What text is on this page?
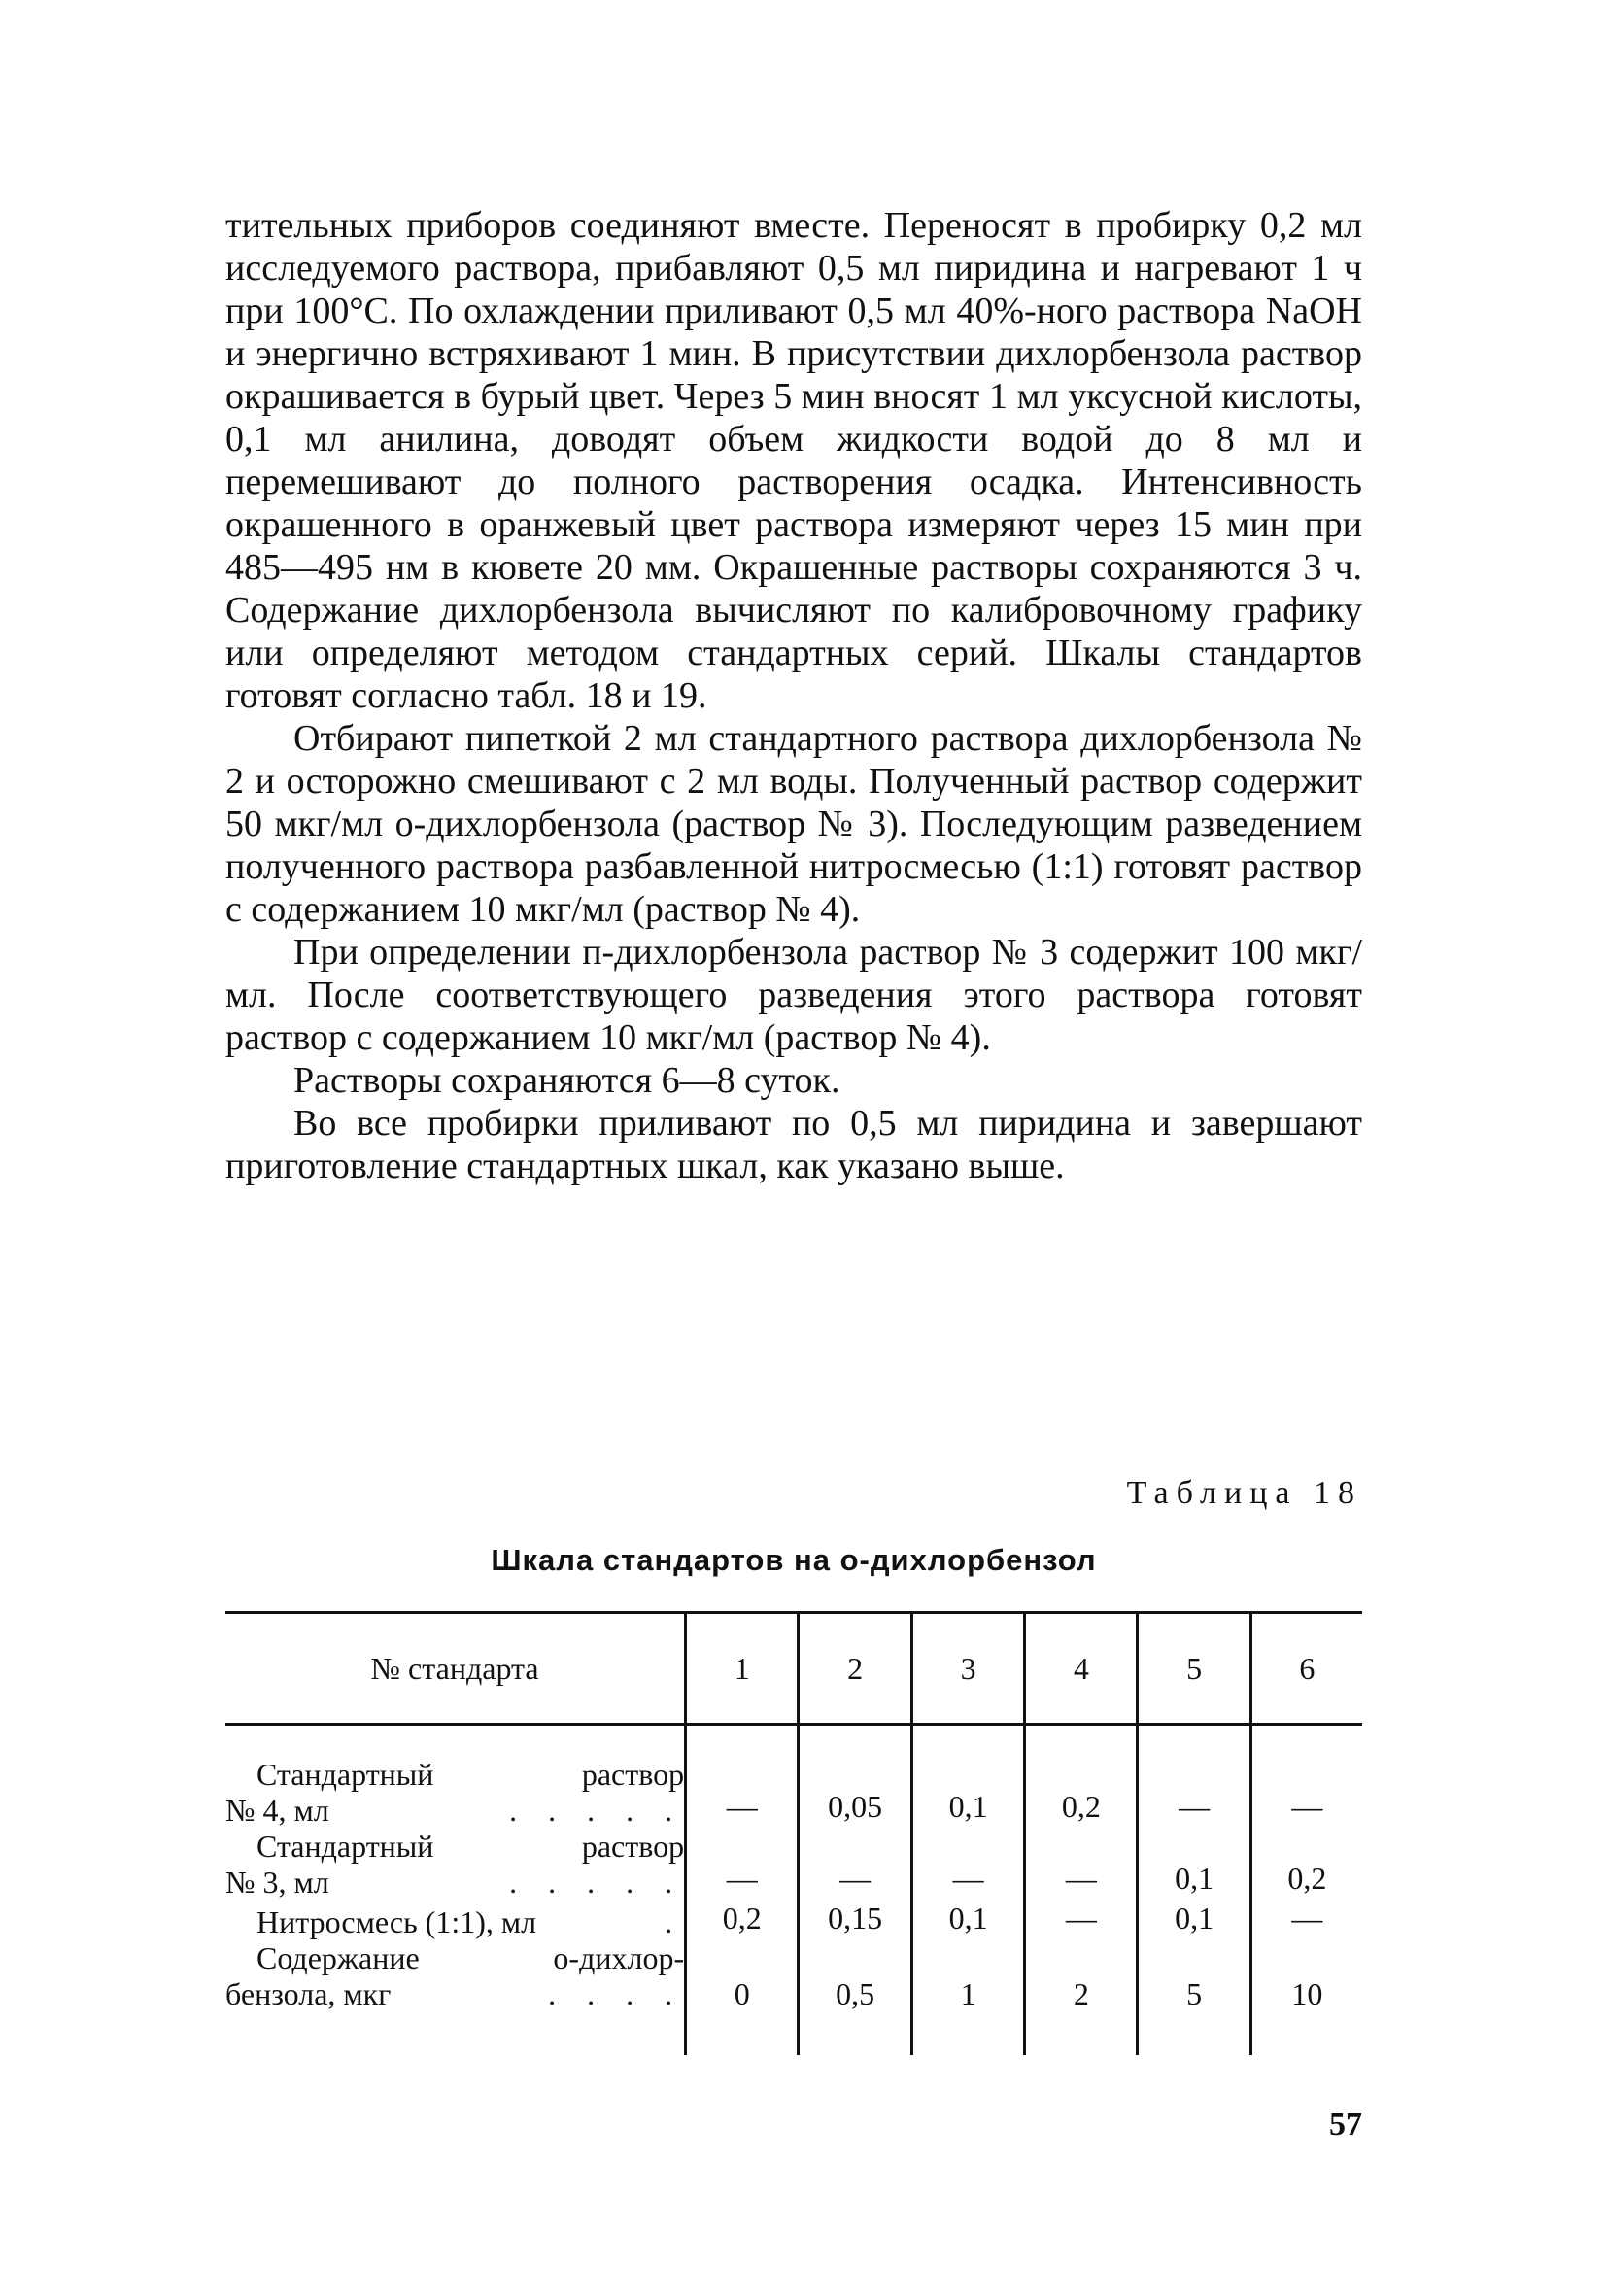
тительных приборов соединяют вместе. Переносят в пробирку 0,2 мл исследуемого раствора, прибавляют 0,5 мл пиридина и нагревают 1 ч при 100°С. По охлаждении приливают 0,5 мл 40%-ного раствора NaOH и энергично встряхивают 1 мин. В присутствии дихлорбензола раствор окрашивается в бурый цвет. Через 5 мин вносят 1 мл уксусной кислоты, 0,1 мл анилина, доводят объем жидкости водой до 8 мл и перемешивают до полного растворения осадка. Интенсивность окрашенного в оранжевый цвет раствора измеряют через 15 мин при 485—495 нм в кювете 20 мм. Окрашенные растворы сохраняются 3 ч. Содержание дихлорбензола вычисляют по калибровочному графику или определяют методом стандартных серий. Шкалы стандартов готовят согласно табл. 18 и 19.

Отбирают пипеткой 2 мл стандартного раствора дихлорбензола № 2 и осторожно смешивают с 2 мл воды. Полученный раствор содержит 50 мкг/мл о-дихлорбензола (раствор № 3). Последующим разведением полученного раствора разбавленной нитросмесью (1:1) готовят раствор с содержанием 10 мкг/мл (раствор № 4).

При определении п-дихлорбензола раствор № 3 содержит 100 мкг/мл. После соответствующего разведения этого раствора готовят раствор с содержанием 10 мкг/мл (раствор № 4).

Растворы сохраняются 6—8 суток.

Во все пробирки приливают по 0,5 мл пиридина и завершают приготовление стандартных шкал, как указано выше.

Таблица 18
Шкала стандартов на о-дихлорбензол
№ стандарта	1	2	3	4	5	6

Стандартный раствор
№ 4, мл . . . . .	—	0,05	0,1	0,2	—	—

Стандартный раствор
№ 3, мл . . . . .	—	—	—	—	0,1	0,2

Нитросмесь (1:1), мл .	0,2	0,15	0,1	—	0,1	—

Содержание о-дихлор-
бензола, мкг . . . .	0	0,5	1	2	5	10
57
